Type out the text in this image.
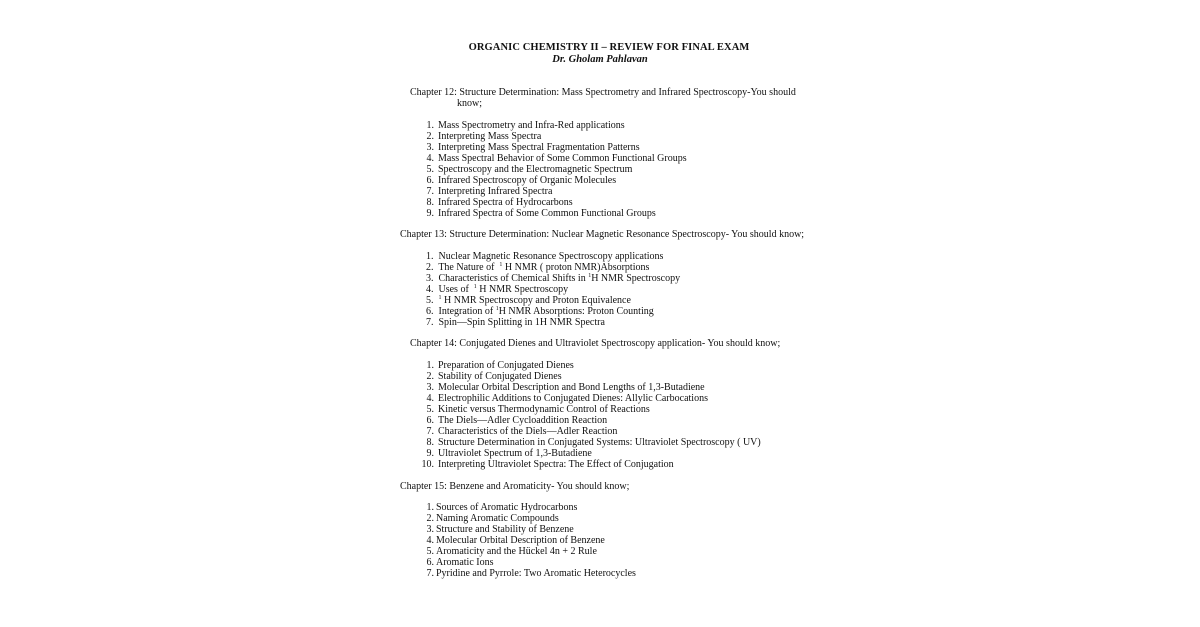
ORGANIC CHEMISTRY II – REVIEW FOR FINAL EXAM
Dr. Gholam Pahlavan
Chapter 12: Structure Determination: Mass Spectrometry and Infrared Spectroscopy-You should
know;
1. Mass Spectrometry and Infra-Red applications
2. Interpreting Mass Spectra
3. Interpreting Mass Spectral Fragmentation Patterns
4. Mass Spectral Behavior of Some Common Functional Groups
5. Spectroscopy and the Electromagnetic Spectrum
6. Infrared Spectroscopy of Organic Molecules
7. Interpreting Infrared Spectra
8. Infrared Spectra of Hydrocarbons
9. Infrared Spectra of Some Common Functional Groups
Chapter 13: Structure Determination: Nuclear Magnetic Resonance Spectroscopy- You should know;
1. Nuclear Magnetic Resonance Spectroscopy applications
2. The Nature of $^1$ H NMR ( proton NMR)Absorptions
3. Characteristics of Chemical Shifts in $^1$H NMR Spectroscopy
4. Uses of $^1$ H NMR Spectroscopy
5. $^1$ H NMR Spectroscopy and Proton Equivalence
6. Integration of $^1$H NMR Absorptions: Proton Counting
7. Spin—Spin Splitting in 1H NMR Spectra
Chapter 14: Conjugated Dienes and Ultraviolet Spectroscopy application- You should know;
1. Preparation of Conjugated Dienes
2. Stability of Conjugated Dienes
3. Molecular Orbital Description and Bond Lengths of 1,3-Butadiene
4. Electrophilic Additions to Conjugated Dienes: Allylic Carbocations
5. Kinetic versus Thermodynamic Control of Reactions
6. The Diels—Adler Cycloaddition Reaction
7. Characteristics of the Diels—Adler Reaction
8. Structure Determination in Conjugated Systems: Ultraviolet Spectroscopy ( UV)
9. Ultraviolet Spectrum of 1,3-Butadiene
10. Interpreting Ultraviolet Spectra: The Effect of Conjugation
Chapter 15: Benzene and Aromaticity- You should know;
1. Sources of Aromatic Hydrocarbons
2. Naming Aromatic Compounds
3. Structure and Stability of Benzene
4. Molecular Orbital Description of Benzene
5. Aromaticity and the Hückel 4n + 2 Rule
6. Aromatic Ions
7. Pyridine and Pyrrole: Two Aromatic Heterocycles
